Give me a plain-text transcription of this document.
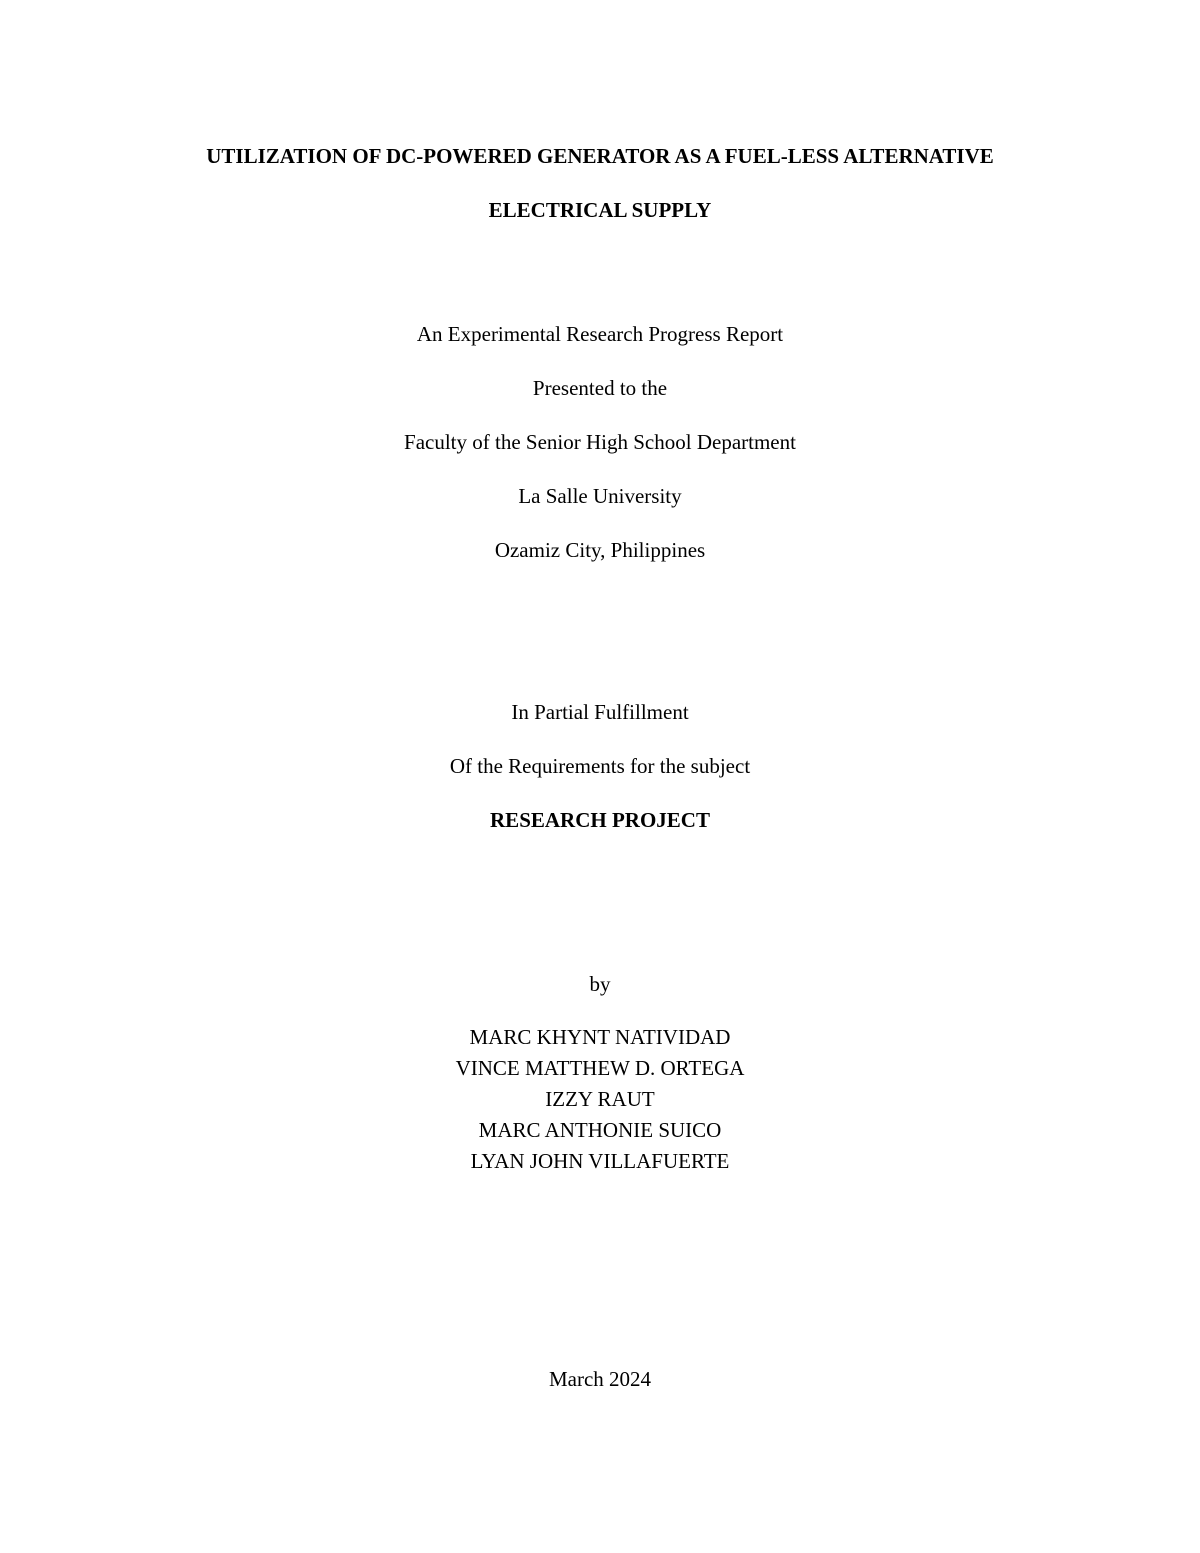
UTILIZATION OF DC-POWERED GENERATOR AS A FUEL-LESS ALTERNATIVE
ELECTRICAL SUPPLY
An Experimental Research Progress Report
Presented to the
Faculty of the Senior High School Department
La Salle University
Ozamiz City, Philippines
In Partial Fulfillment
Of the Requirements for the subject
RESEARCH PROJECT
by
MARC KHYNT NATIVIDAD
VINCE MATTHEW D. ORTEGA
IZZY RAUT
MARC ANTHONIE SUICO
LYAN JOHN VILLAFUERTE
March 2024
